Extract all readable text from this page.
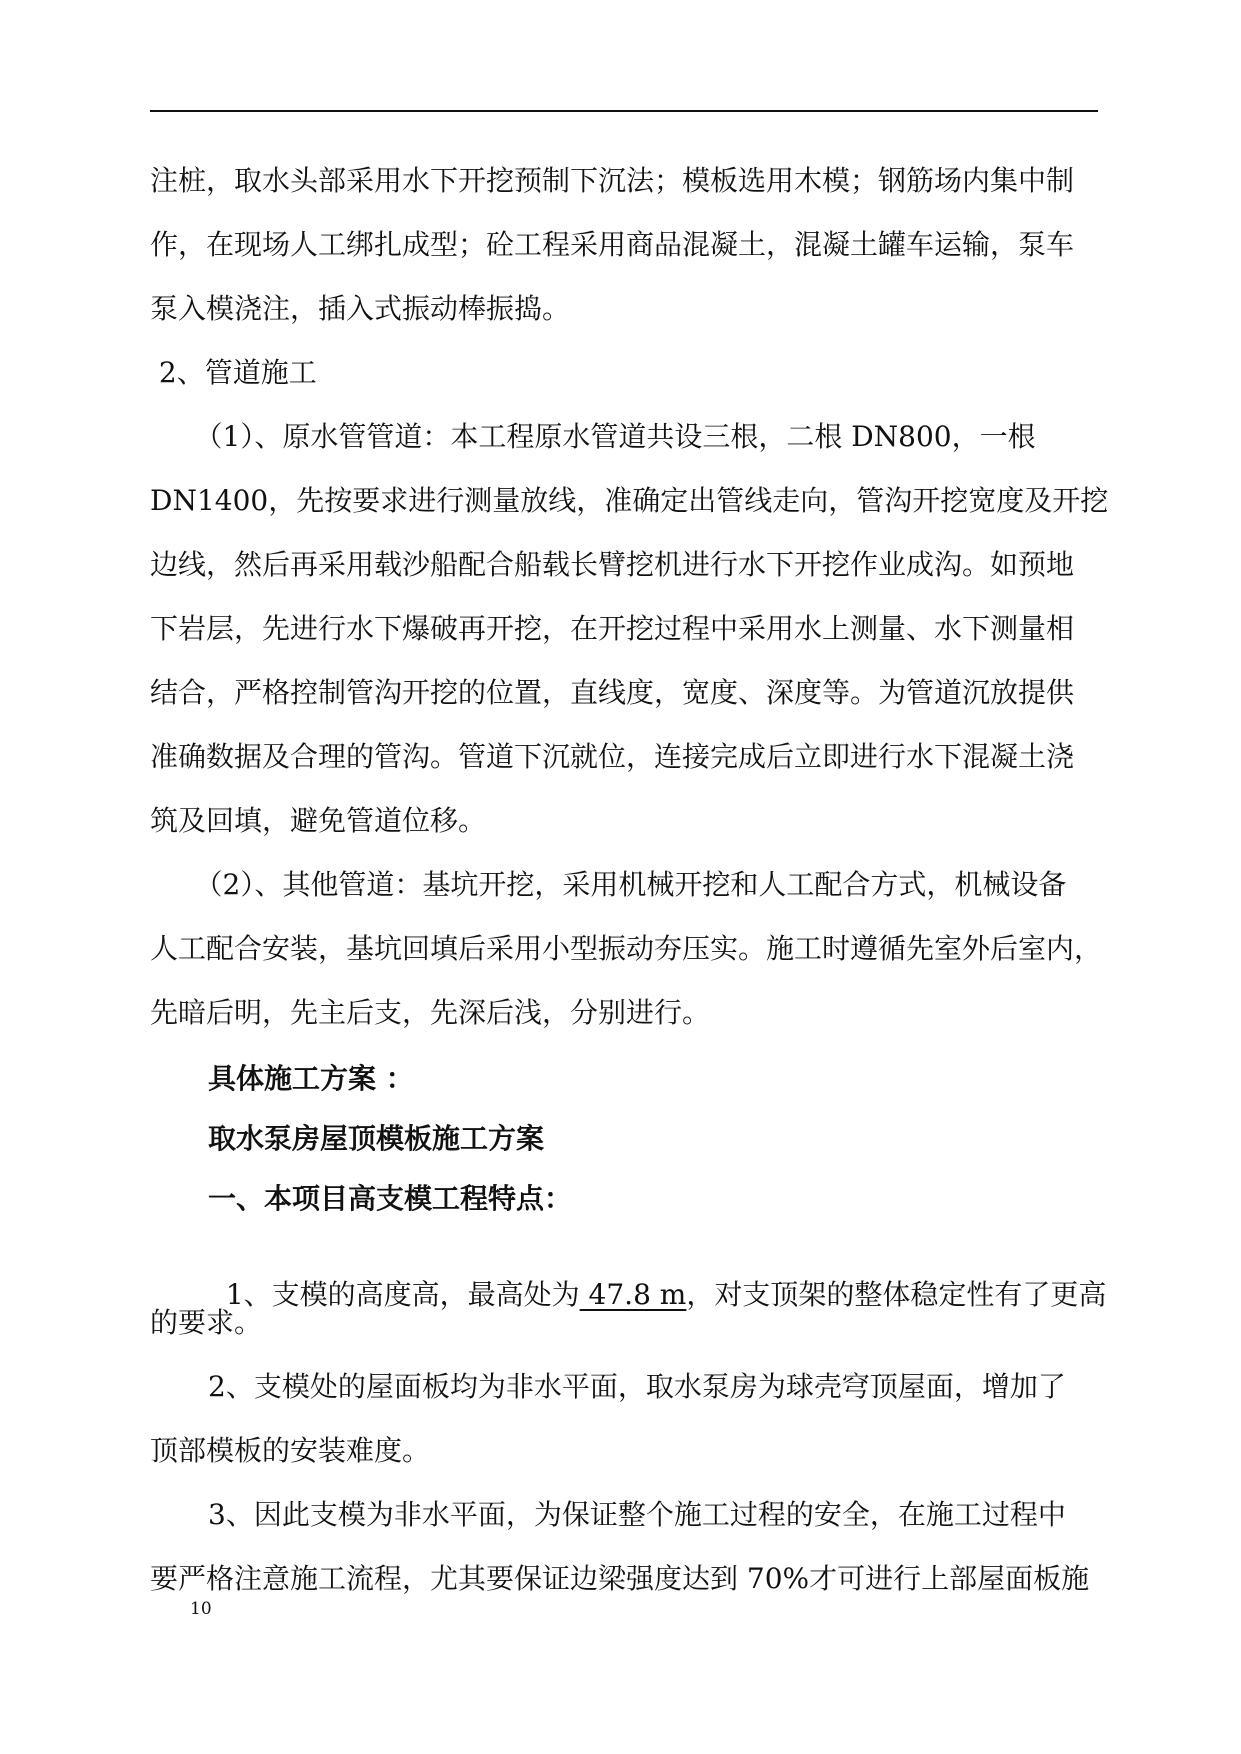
注桩，取水头部采用水下开挖预制下沉法；模板选用木模；钢筋场内集中制
作，在现场人工绑扎成型；砼工程采用商品混凝土，混凝土罐车运输，泵车
泵入模浇注，插入式振动棒振捣。
2、管道施工
（1）、原水管管道：本工程原水管道共设三根，二根 DN800，一根
DN1400，先按要求进行测量放线，准确定出管线走向，管沟开挖宽度及开挖
边线，然后再采用载沙船配合船载长臂挖机进行水下开挖作业成沟。如预地
下岩层，先进行水下爆破再开挖，在开挖过程中采用水上测量、水下测量相
结合，严格控制管沟开挖的位置，直线度，宽度、深度等。为管道沉放提供
准确数据及合理的管沟。管道下沉就位，连接完成后立即进行水下混凝土浇
筑及回填，避免管道位移。
（2）、其他管道：基坑开挖，采用机械开挖和人工配合方式，机械设备
人工配合安装，基坑回填后采用小型振动夯压实。施工时遵循先室外后室内，
先暗后明，先主后支，先深后浅，分别进行。
具体施工方案 ：
取水泵房屋顶模板施工方案
一、本项目高支模工程特点：

1、支模的高度高，最高处为 47.8 m，对支顶架的整体稳定性有了更高

的要求。
2、支模处的屋面板均为非水平面，取水泵房为球壳穹顶屋面，增加了
顶部模板的安装难度。
3、因此支模为非水平面，为保证整个施工过程的安全，在施工过程中
要严格注意施工流程，尤其要保证边梁强度达到 70%才可进行上部屋面板施
10
